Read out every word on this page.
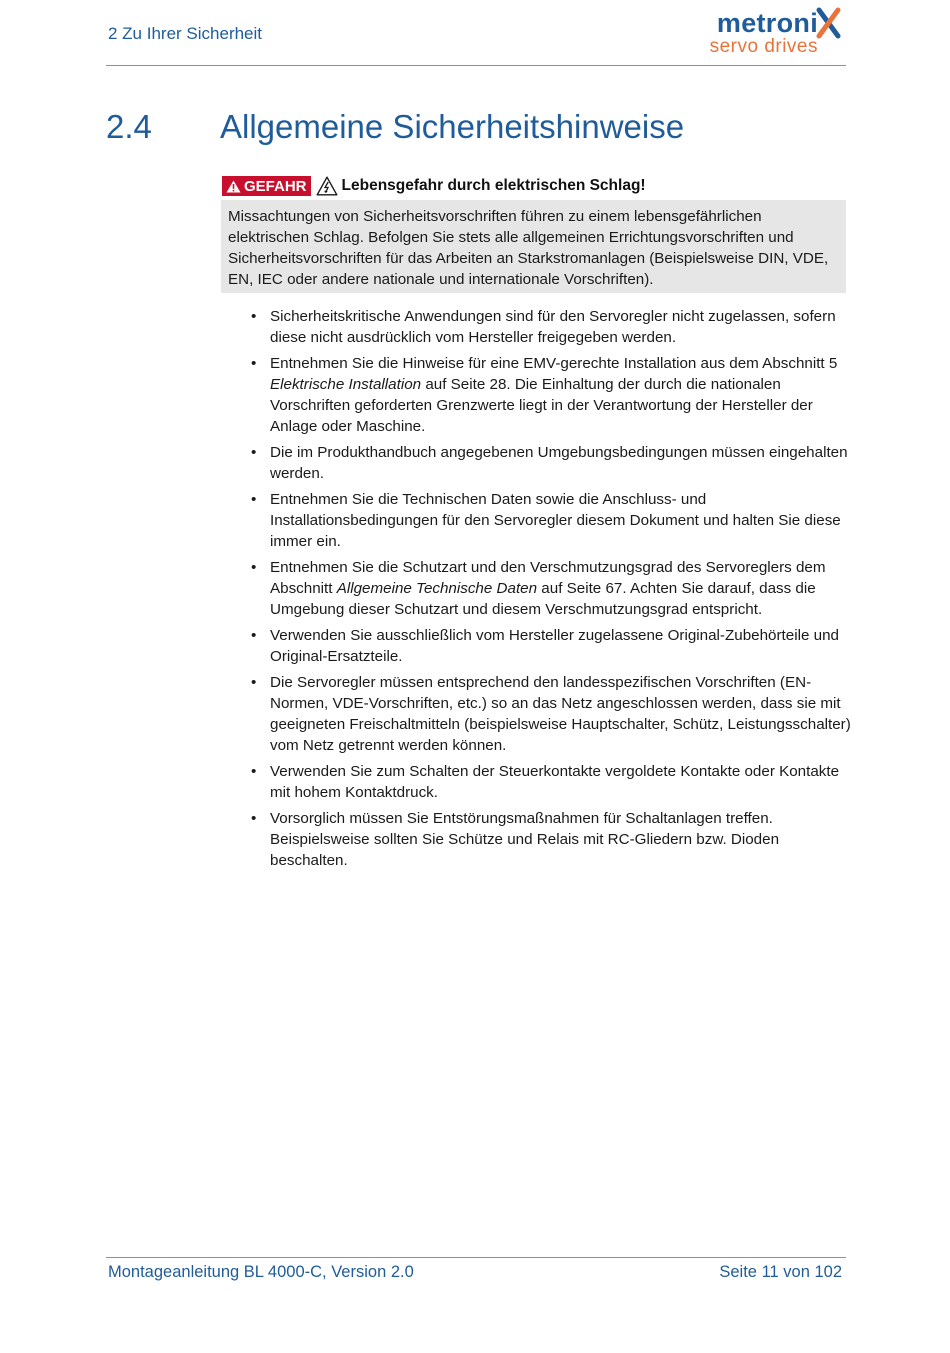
2 Zu Ihrer Sicherheit	metroni
servo drives
2.4 Allgemeine Sicherheitshinweise
GEFAHR Lebensgefahr durch elektrischen Schlag!
Missachtungen von Sicherheitsvorschriften führen zu einem lebensgefährlichen elektrischen Schlag. Befolgen Sie stets alle allgemeinen Errichtungsvorschriften und Sicherheitsvorschriften für das Arbeiten an Starkstromanlagen (Beispielsweise DIN, VDE, EN, IEC oder andere nationale und internationale Vorschriften).
• Sicherheitskritische Anwendungen sind für den Servoregler nicht zugelassen, sofern diese nicht ausdrücklich vom Hersteller freigegeben werden.
• Entnehmen Sie die Hinweise für eine EMV-gerechte Installation aus dem Abschnitt 5 Elektrische Installation auf Seite 28. Die Einhaltung der durch die nationalen Vorschriften geforderten Grenzwerte liegt in der Verantwortung der Hersteller der Anlage oder Maschine.
• Die im Produkthandbuch angegebenen Umgebungsbedingungen müssen eingehalten werden.
• Entnehmen Sie die Technischen Daten sowie die Anschluss- und Installationsbedingungen für den Servoregler diesem Dokument und halten Sie diese immer ein.
• Entnehmen Sie die Schutzart und den Verschmutzungsgrad des Servoreglers dem Abschnitt Allgemeine Technische Daten auf Seite 67. Achten Sie darauf, dass die Umgebung dieser Schutzart und diesem Verschmutzungsgrad entspricht.
• Verwenden Sie ausschließlich vom Hersteller zugelassene Original-Zubehörteile und Original-Ersatzteile.
• Die Servoregler müssen entsprechend den landesspezifischen Vorschriften (EN-Normen, VDE-Vorschriften, etc.) so an das Netz angeschlossen werden, dass sie mit geeigneten Freischaltmitteln (beispielsweise Hauptschalter, Schütz, Leistungsschalter) vom Netz getrennt werden können.
• Verwenden Sie zum Schalten der Steuerkontakte vergoldete Kontakte oder Kontakte mit hohem Kontaktdruck.
• Vorsorglich müssen Sie Entstörungsmaßnahmen für Schaltanlagen treffen. Beispielsweise sollten Sie Schütze und Relais mit RC-Gliedern bzw. Dioden beschalten.
Montageanleitung BL 4000-C, Version 2.0	Seite 11 von 102
